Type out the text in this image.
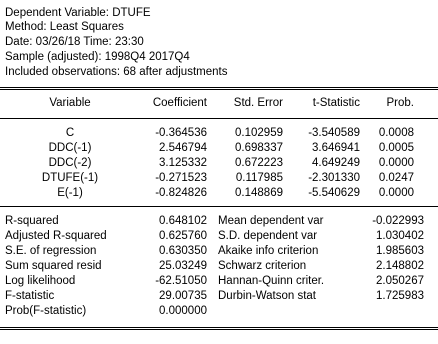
Dependent Variable: DTUFE
Method: Least Squares
Date: 03/26/18 Time: 23:30
Sample (adjusted): 1998Q4 2017Q4
Included observations: 68 after adjustments
Variable	Coefficient	Std. Error	t-Statistic	Prob.
C	-0.364536	0.102959	-3.540589	0.0008
DDC(-1)	2.546794	0.698337	3.646941	0.0005
DDC(-2)	3.125332	0.672223	4.649249	0.0000
DTUFE(-1)	-0.271523	0.117985	-2.301330	0.0247
E(-1)	-0.824826	0.148869	-5.540629	0.0000
R-squared	0.648102 Mean dependent var	-0.022993
Adjusted R-squared	0.625760 S.D. dependent var	1.030402
S.E. of regression	0.630350 Akaike info criterion	1.985603
Sum squared resid	25.03249 Schwarz criterion	2.148802
Log likelihood	-62.51050 Hannan-Quinn criter.	2.050267
F-statistic	29.00735 Durbin-Watson stat	1.725983
Prob(F-statistic)	0.000000
